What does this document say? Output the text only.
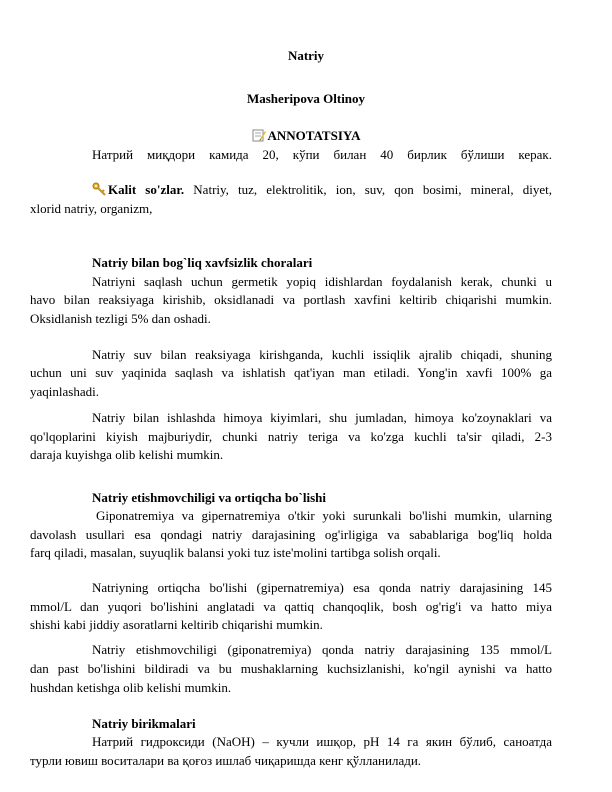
Natriy
Masheripova Oltinoy
ANNOTATSIYA
Натрий миқдори камида 20, кўпи билан 40 бирлик бўлиши керак.
Kalit so'zlar. Natriy, tuz, elektrolitik, ion, suv, qon bosimi, mineral, diyet,
xlorid natriy, organizm,
Natriy bilan bog`liq xavfsizlik choralari
Natriyni saqlash uchun germetik yopiq idishlardan foydalanish kerak, chunki u
havo bilan reaksiyaga kirishib, oksidlanadi va portlash xavfini keltirib chiqarishi mumkin.
Oksidlanish tezligi 5% dan oshadi.
Natriy suv bilan reaksiyaga kirishganda, kuchli issiqlik ajralib chiqadi, shuning
uchun uni suv yaqinida saqlash va ishlatish qat'iyan man etiladi. Yong'in xavfi 100% ga
yaqinlashadi.
Natriy bilan ishlashda himoya kiyimlari, shu jumladan, himoya ko'zoynaklari va
qo'lqoplarini kiyish majburiydir, chunki natriy teriga va ko'zga kuchli ta'sir qiladi, 2-3
daraja kuyishga olib kelishi mumkin.
Natriy etishmovchiligi va ortiqcha bo`lishi
Giponatremiya va gipernatremiya o'tkir yoki surunkali bo'lishi mumkin, ularning
davolash usullari esa qondagi natriy darajasining og'irligiga va sabablariga bog'liq holda
farq qiladi, masalan, suyuqlik balansi yoki tuz iste'molini tartibga solish orqali.
Natriyning ortiqcha bo'lishi (gipernatremiya) esa qonda natriy darajasining 145
mmol/L dan yuqori bo'lishini anglatadi va qattiq chanqoqlik, bosh og'rig'i va hatto miya
shishi kabi jiddiy asoratlarni keltirib chiqarishi mumkin.
Natriy etishmovchiligi (giponatremiya) qonda natriy darajasining 135 mmol/L
dan past bo'lishini bildiradi va bu mushaklarning kuchsizlanishi, ko'ngil aynishi va hatto
hushdan ketishga olib kelishi mumkin.
Natriy birikmalari
Натрий гидроксиди (NaOH) – кучли ишқор, pH 14 га якин бўлиб, саноатда
турли ювиш воситалари ва қоғоз ишлаб чиқаришда кенг қўлланилади.
